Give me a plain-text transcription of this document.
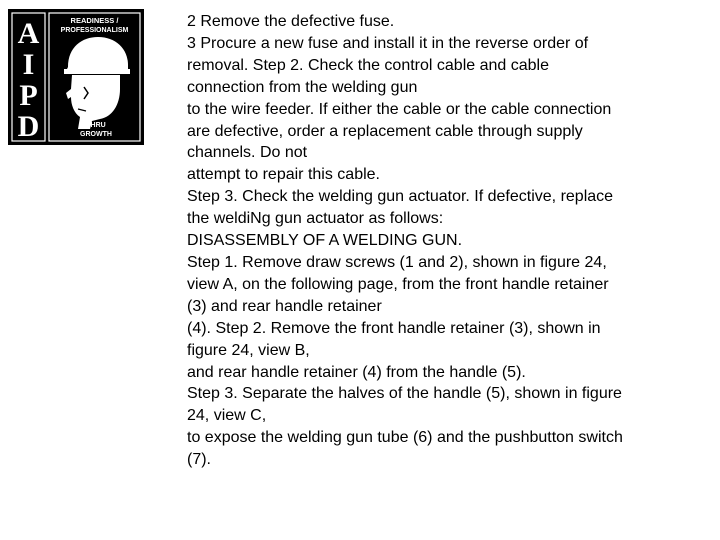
A
I
P
D
READINESS /
PROFESSIONALISM
THRU
GROWTH
2 Remove the defective fuse.
3 Procure a new fuse and install it in the reverse order of
removal. Step 2. Check the control cable and cable
connection from the welding gun
to the wire feeder. If either the cable or the cable connection
are defective, order a replacement cable through supply
channels. Do not
attempt to repair this cable.
Step 3. Check the welding gun actuator. If defective, replace
the weldiNg gun actuator as follows:
DISASSEMBLY OF A WELDING GUN.
Step 1. Remove draw screws (1 and 2), shown in figure 24,
view A, on the following page, from the front handle retainer
(3) and rear handle retainer
(4). Step 2. Remove the front handle retainer (3), shown in
figure 24, view B,
and rear handle retainer (4) from the handle (5).
Step 3. Separate the halves of the handle (5), shown in figure
24, view C,
to expose the welding gun tube (6) and the pushbutton switch
(7).
